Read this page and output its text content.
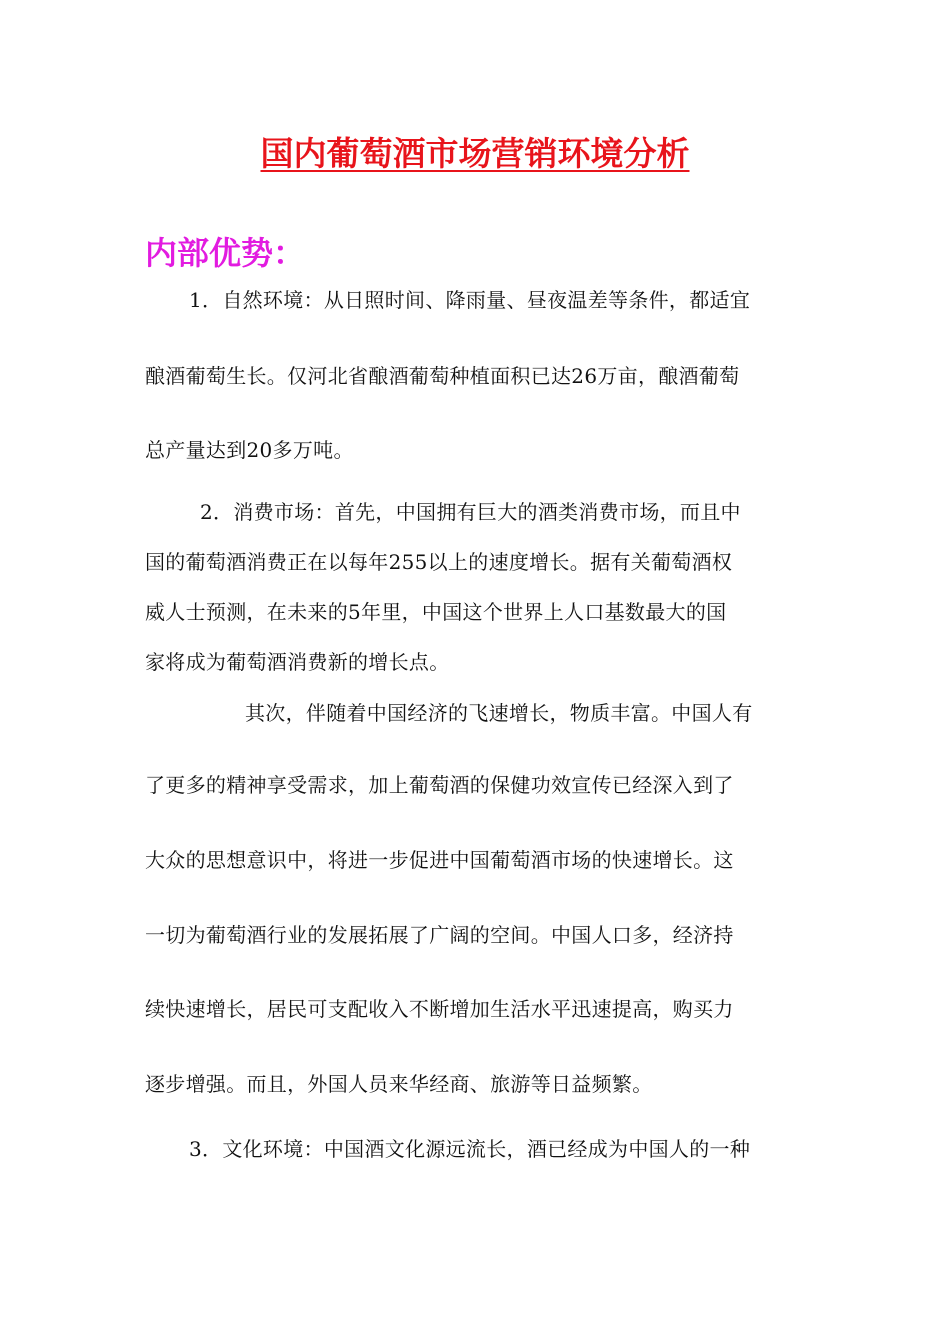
国内葡萄酒市场营销环境分析
内部优势：
1．自然环境：从日照时间、降雨量、昼夜温差等条件，都适宜
酿酒葡萄生长。仅河北省酿酒葡萄种植面积已达26万亩，酿酒葡萄
总产量达到20多万吨。
2．消费市场：首先，中国拥有巨大的酒类消费市场，而且中
国的葡萄酒消费正在以每年255以上的速度增长。据有关葡萄酒权
威人士预测，在未来的5年里，中国这个世界上人口基数最大的国
家将成为葡萄酒消费新的增长点。
其次，伴随着中国经济的飞速增长，物质丰富。中国人有
了更多的精神享受需求，加上葡萄酒的保健功效宣传已经深入到了
大众的思想意识中，将进一步促进中国葡萄酒市场的快速增长。这
一切为葡萄酒行业的发展拓展了广阔的空间。中国人口多，经济持
续快速增长，居民可支配收入不断增加生活水平迅速提高，购买力
逐步增强。而且，外国人员来华经商、旅游等日益频繁。
3．文化环境：中国酒文化源远流长，酒已经成为中国人的一种
